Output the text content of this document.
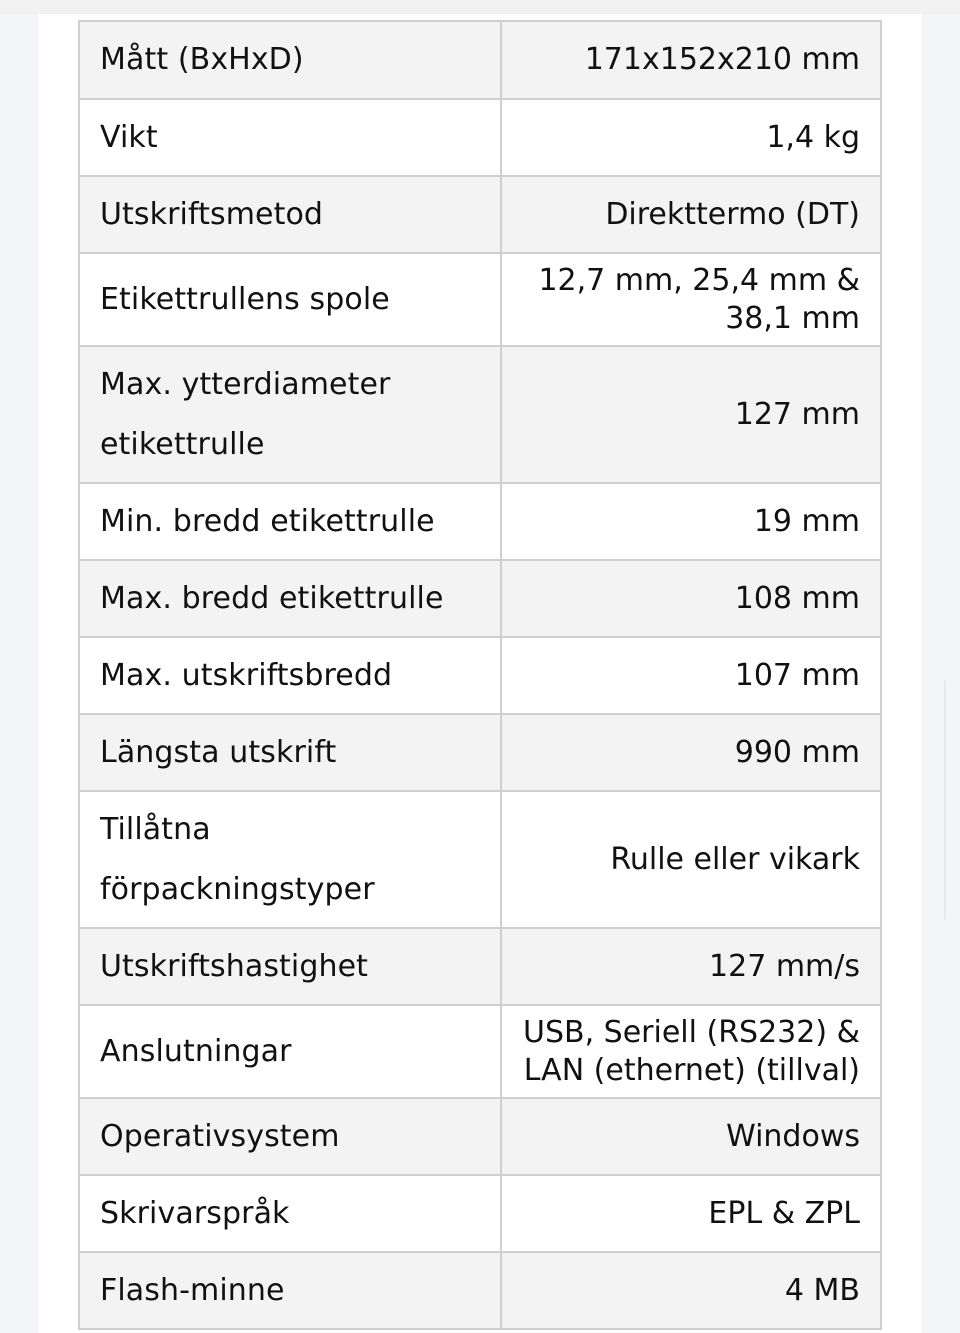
Mått (BxHxD)	171x152x210 mm
Vikt	1,4 kg
Utskriftsmetod	Direkttermo (DT)
Etikettrullens spole	12,7 mm, 25,4 mm & 38,1 mm
Max. ytterdiameter etikettrulle	127 mm
Min. bredd etikettrulle	19 mm
Max. bredd etikettrulle	108 mm
Max. utskriftsbredd	107 mm
Längsta utskrift	990 mm
Tillåtna förpackningstyper	Rulle eller vikark
Utskriftshastighet	127 mm/s
Anslutningar	USB, Seriell (RS232) & LAN (ethernet) (tillval)
Operativsystem	Windows
Skrivarspråk	EPL & ZPL
Flash-minne	4 MB
